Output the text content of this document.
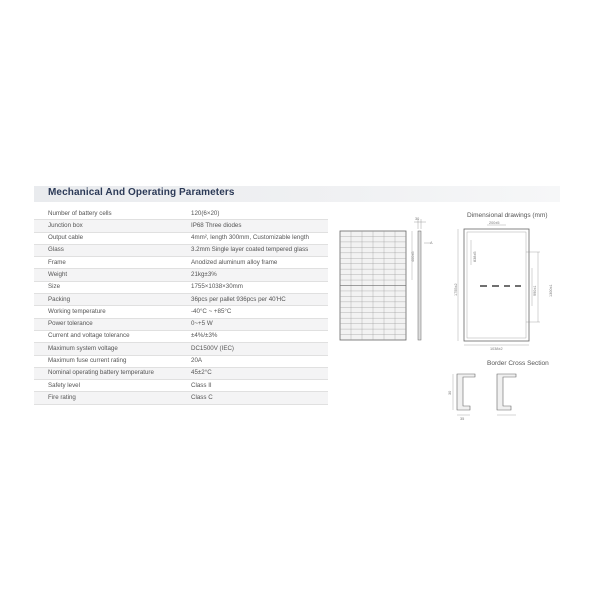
Mechanical And Operating Parameters
Number of battery cells	120(6×20)
Junction box	IP68 Three diodes
Output cable	4mm², length 300mm, Customizable length
Glass	3.2mm Single layer coated tempered glass
Frame	Anodized aluminum alloy frame
Weight	21kg±3%
Size	1755×1038×30mm
Packing	36pcs per pallet 936pcs per 40'HC
Working temperature	-40°C ~ +85°C
Power tolerance	0~+5 W
Current and voltage tolerance	±4%/±3%
Maximum system voltage	DC1500V (IEC)
Maximum fuse current rating	20A
Nominal operating battery temperature	45±2°C
Safety level	Class II
Fire rating	Class C
Dimensional drawings (mm)
Border Cross Section
30
A
400±5
200±5
1755±2
838±5
1300±1
990±1
1038±2
30
35
